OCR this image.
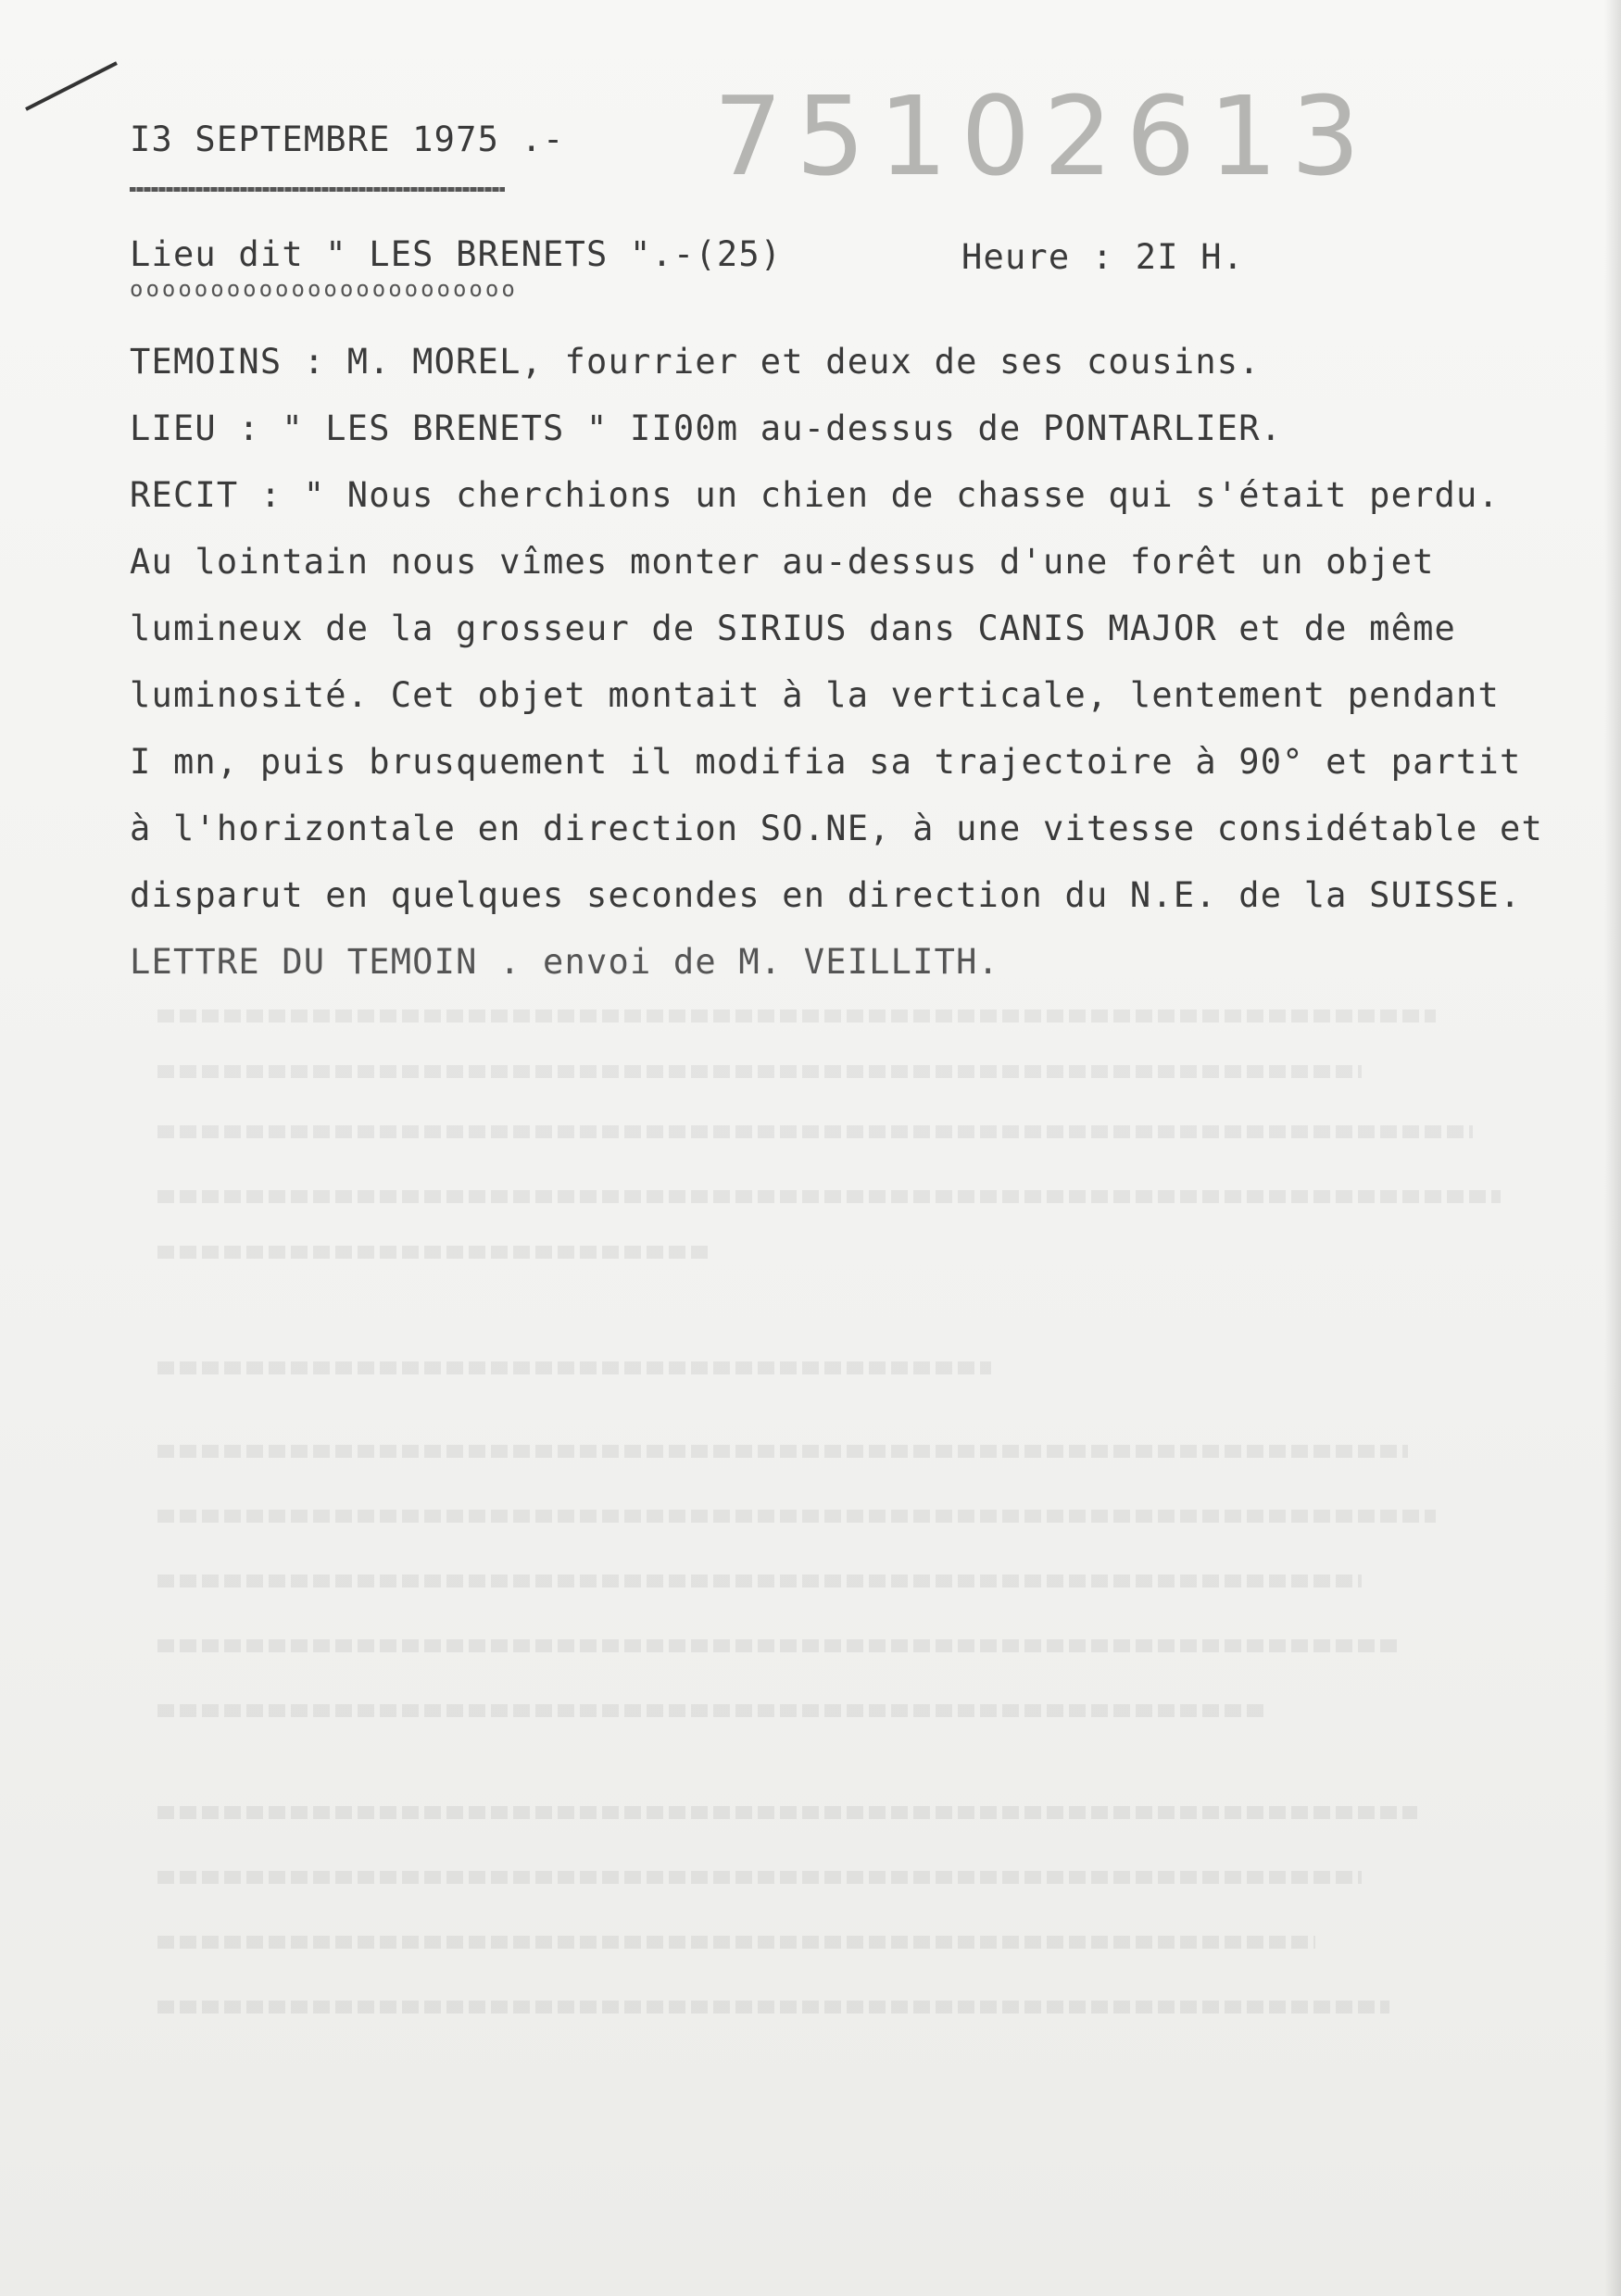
75102613
I3 SEPTEMBRE 1975 .-
Lieu dit " LES BRENETS ".-(25)	Heure : 2I H.
oooooooooooooooooooooooo
TEMOINS : M. MOREL, fourrier et deux de ses cousins.
LIEU : " LES BRENETS " II00m au-dessus de PONTARLIER.
RECIT : " Nous cherchions un chien de chasse qui s'était perdu.
Au lointain nous vîmes monter au-dessus d'une forêt un objet
lumineux de la grosseur de SIRIUS dans CANIS MAJOR et de même
luminosité. Cet objet montait à la verticale, lentement pendant
I mn, puis brusquement il modifia sa trajectoire à 90° et partit
à l'horizontale en direction SO.NE, à une vitesse considétable et
disparut en quelques secondes en direction du N.E. de la SUISSE.
LETTRE DU TEMOIN . envoi de M. VEILLITH.
